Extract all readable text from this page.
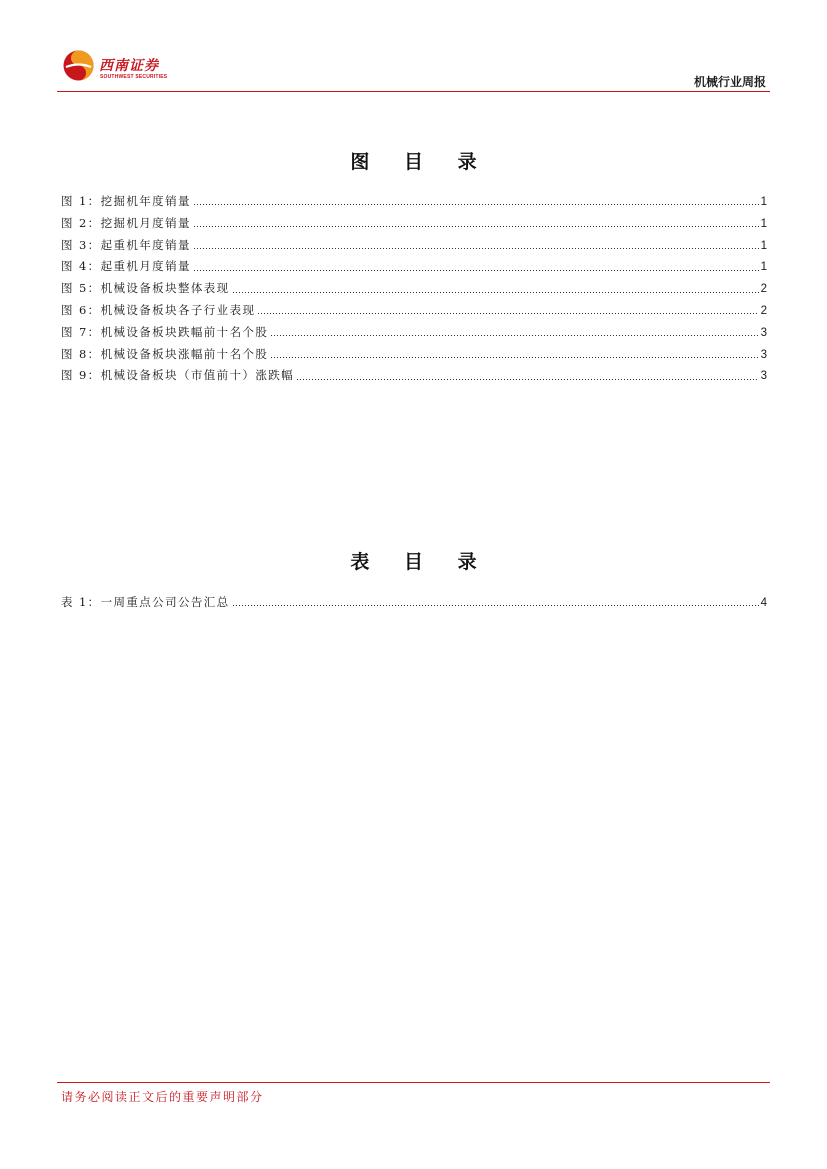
西南证券
SOUTHWEST SECURITIES	机械行业周报
图 目 录
图 1：挖掘机年度销量	1
图 2：挖掘机月度销量	1
图 3：起重机年度销量	1
图 4：起重机月度销量	1
图 5：机械设备板块整体表现	2
图 6：机械设备板块各子行业表现	2
图 7：机械设备板块跌幅前十名个股	3
图 8：机械设备板块涨幅前十名个股	3
图 9：机械设备板块（市值前十）涨跌幅	3
表 目 录
表 1：一周重点公司公告汇总	4
请务必阅读正文后的重要声明部分
